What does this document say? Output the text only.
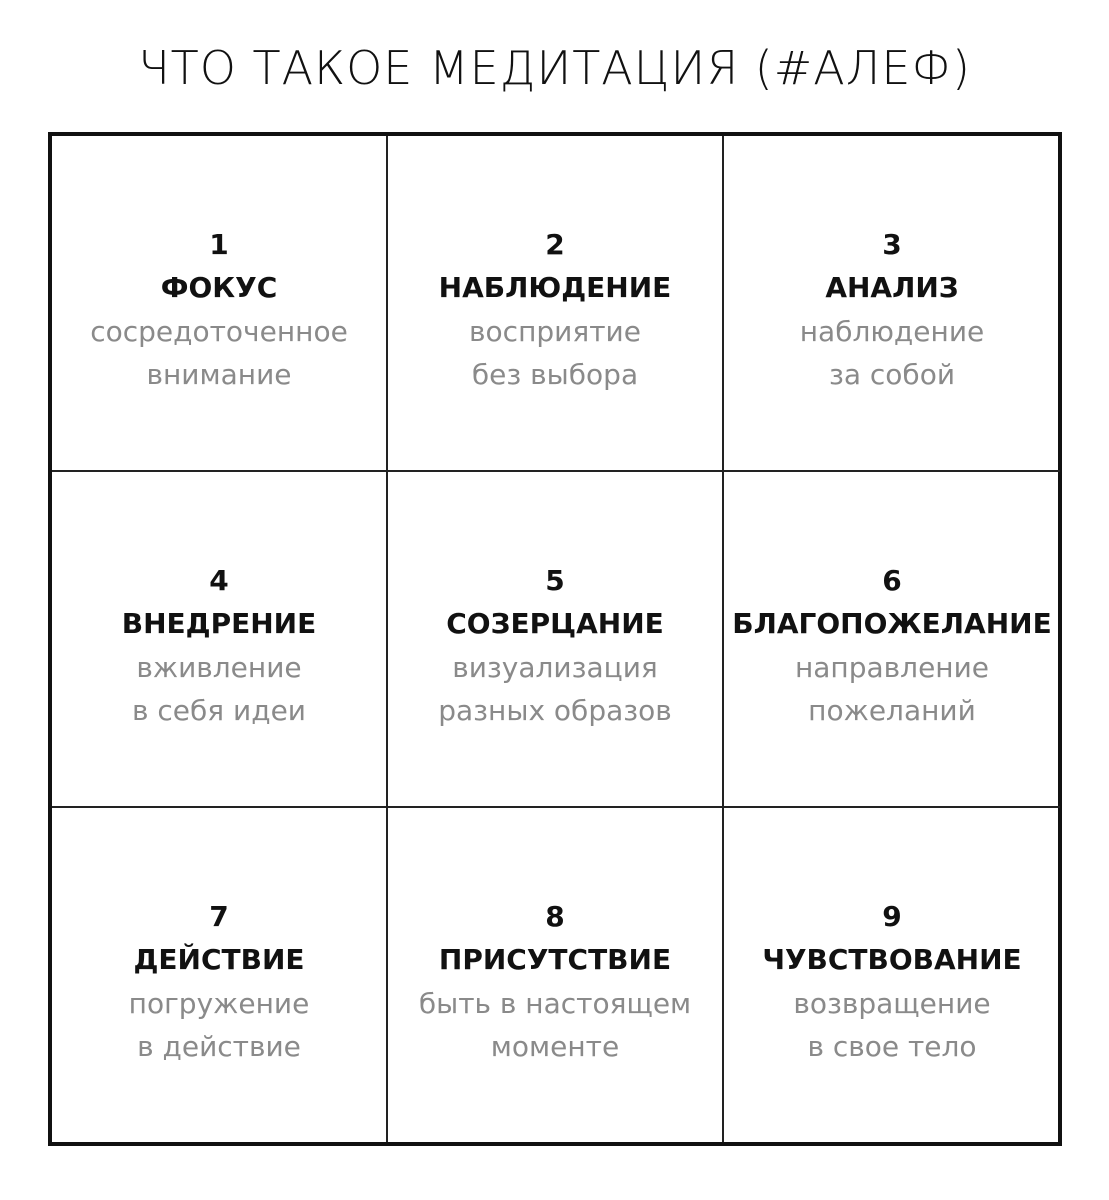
ЧТО ТАКОЕ МЕДИТАЦИЯ (#АЛЕФ)
1
ФОКУС
сосредоточенное
внимание
2
НАБЛЮДЕНИЕ
восприятие
без выбора
3
АНАЛИЗ
наблюдение
за собой
4
ВНЕДРЕНИЕ
вживление
в себя идеи
5
СОЗЕРЦАНИЕ
визуализация
разных образов
6
БЛАГОПОЖЕЛАНИЕ
направление
пожеланий
7
ДЕЙСТВИЕ
погружение
в действие
8
ПРИСУТСТВИЕ
быть в настоящем
моменте
9
ЧУВСТВОВАНИЕ
возвращение
в свое тело
